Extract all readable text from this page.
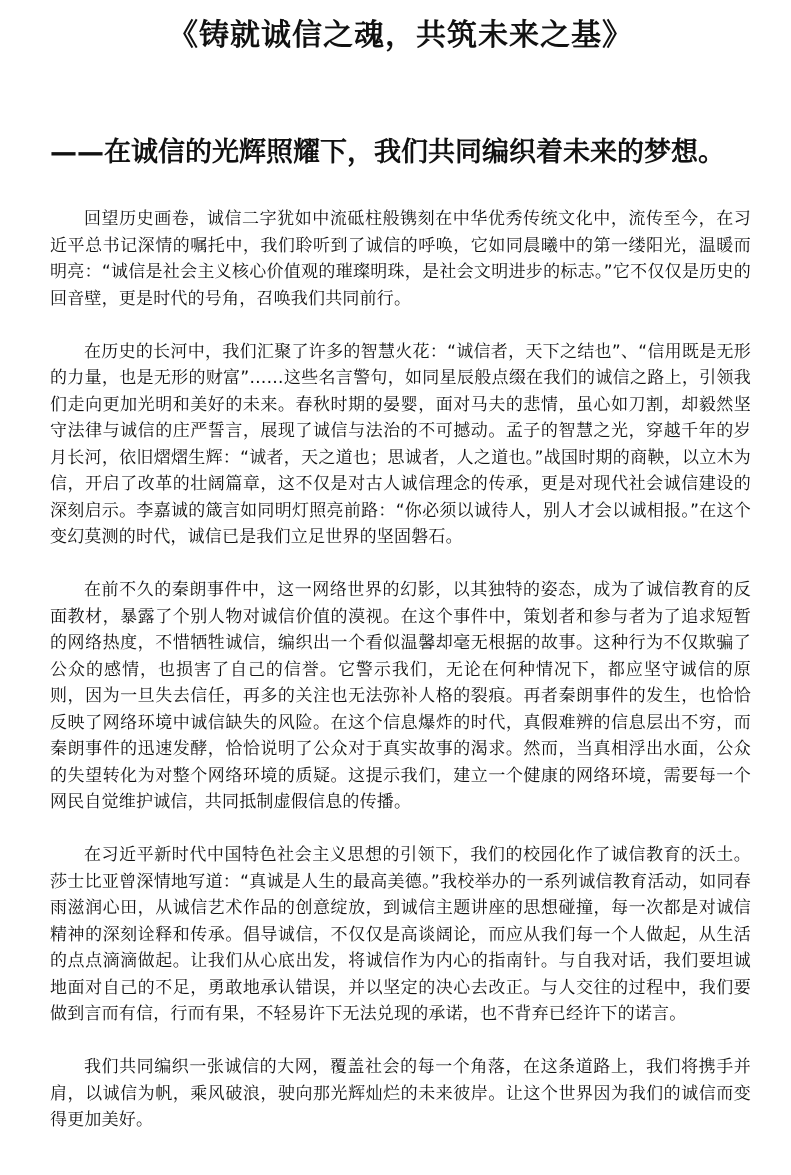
《铸就诚信之魂，共筑未来之基》
——在诚信的光辉照耀下，我们共同编织着未来的梦想。

回望历史画卷，诚信二字犹如中流砥柱般镌刻在中华优秀传统文化中，流传至今，在习近平总书记深情的嘱托中，我们聆听到了诚信的呼唤，它如同晨曦中的第一缕阳光，温暖而明亮：“诚信是社会主义核心价值观的璀璨明珠，是社会文明进步的标志。”它不仅仅是历史的回音壁，更是时代的号角，召唤我们共同前行。

在历史的长河中，我们汇聚了许多的智慧火花：“诚信者，天下之结也”、“信用既是无形的力量，也是无形的财富”……这些名言警句，如同星辰般点缀在我们的诚信之路上，引领我们走向更加光明和美好的未来。春秋时期的晏婴，面对马夫的悲情，虽心如刀割，却毅然坚守法律与诚信的庄严誓言，展现了诚信与法治的不可撼动。孟子的智慧之光，穿越千年的岁月长河，依旧熠熠生辉：“诚者，天之道也；思诚者，人之道也。”战国时期的商鞅，以立木为信，开启了改革的壮阔篇章，这不仅是对古人诚信理念的传承，更是对现代社会诚信建设的深刻启示。李嘉诚的箴言如同明灯照亮前路：“你必须以诚待人，别人才会以诚相报。”在这个变幻莫测的时代，诚信已是我们立足世界的坚固磐石。

在前不久的秦朗事件中，这一网络世界的幻影，以其独特的姿态，成为了诚信教育的反面教材，暴露了个别人物对诚信价值的漠视。在这个事件中，策划者和参与者为了追求短暂的网络热度，不惜牺牲诚信，编织出一个看似温馨却毫无根据的故事。这种行为不仅欺骗了公众的感情，也损害了自己的信誉。它警示我们，无论在何种情况下，都应坚守诚信的原则，因为一旦失去信任，再多的关注也无法弥补人格的裂痕。再者秦朗事件的发生，也恰恰反映了网络环境中诚信缺失的风险。在这个信息爆炸的时代，真假难辨的信息层出不穷，而秦朗事件的迅速发酵，恰恰说明了公众对于真实故事的渴求。然而，当真相浮出水面，公众的失望转化为对整个网络环境的质疑。这提示我们，建立一个健康的网络环境，需要每一个网民自觉维护诚信，共同抵制虚假信息的传播。

在习近平新时代中国特色社会主义思想的引领下，我们的校园化作了诚信教育的沃土。莎士比亚曾深情地写道：“真诚是人生的最高美德。”我校举办的一系列诚信教育活动，如同春雨滋润心田，从诚信艺术作品的创意绽放，到诚信主题讲座的思想碰撞，每一次都是对诚信精神的深刻诠释和传承。倡导诚信，不仅仅是高谈阔论，而应从我们每一个人做起，从生活的点点滴滴做起。让我们从心底出发，将诚信作为内心的指南针。与自我对话，我们要坦诚地面对自己的不足，勇敢地承认错误，并以坚定的决心去改正。与人交往的过程中，我们要做到言而有信，行而有果，不轻易许下无法兑现的承诺，也不背弃已经许下的诺言。

我们共同编织一张诚信的大网，覆盖社会的每一个角落，在这条道路上，我们将携手并肩，以诚信为帆，乘风破浪，驶向那光辉灿烂的未来彼岸。让这个世界因为我们的诚信而变得更加美好。
